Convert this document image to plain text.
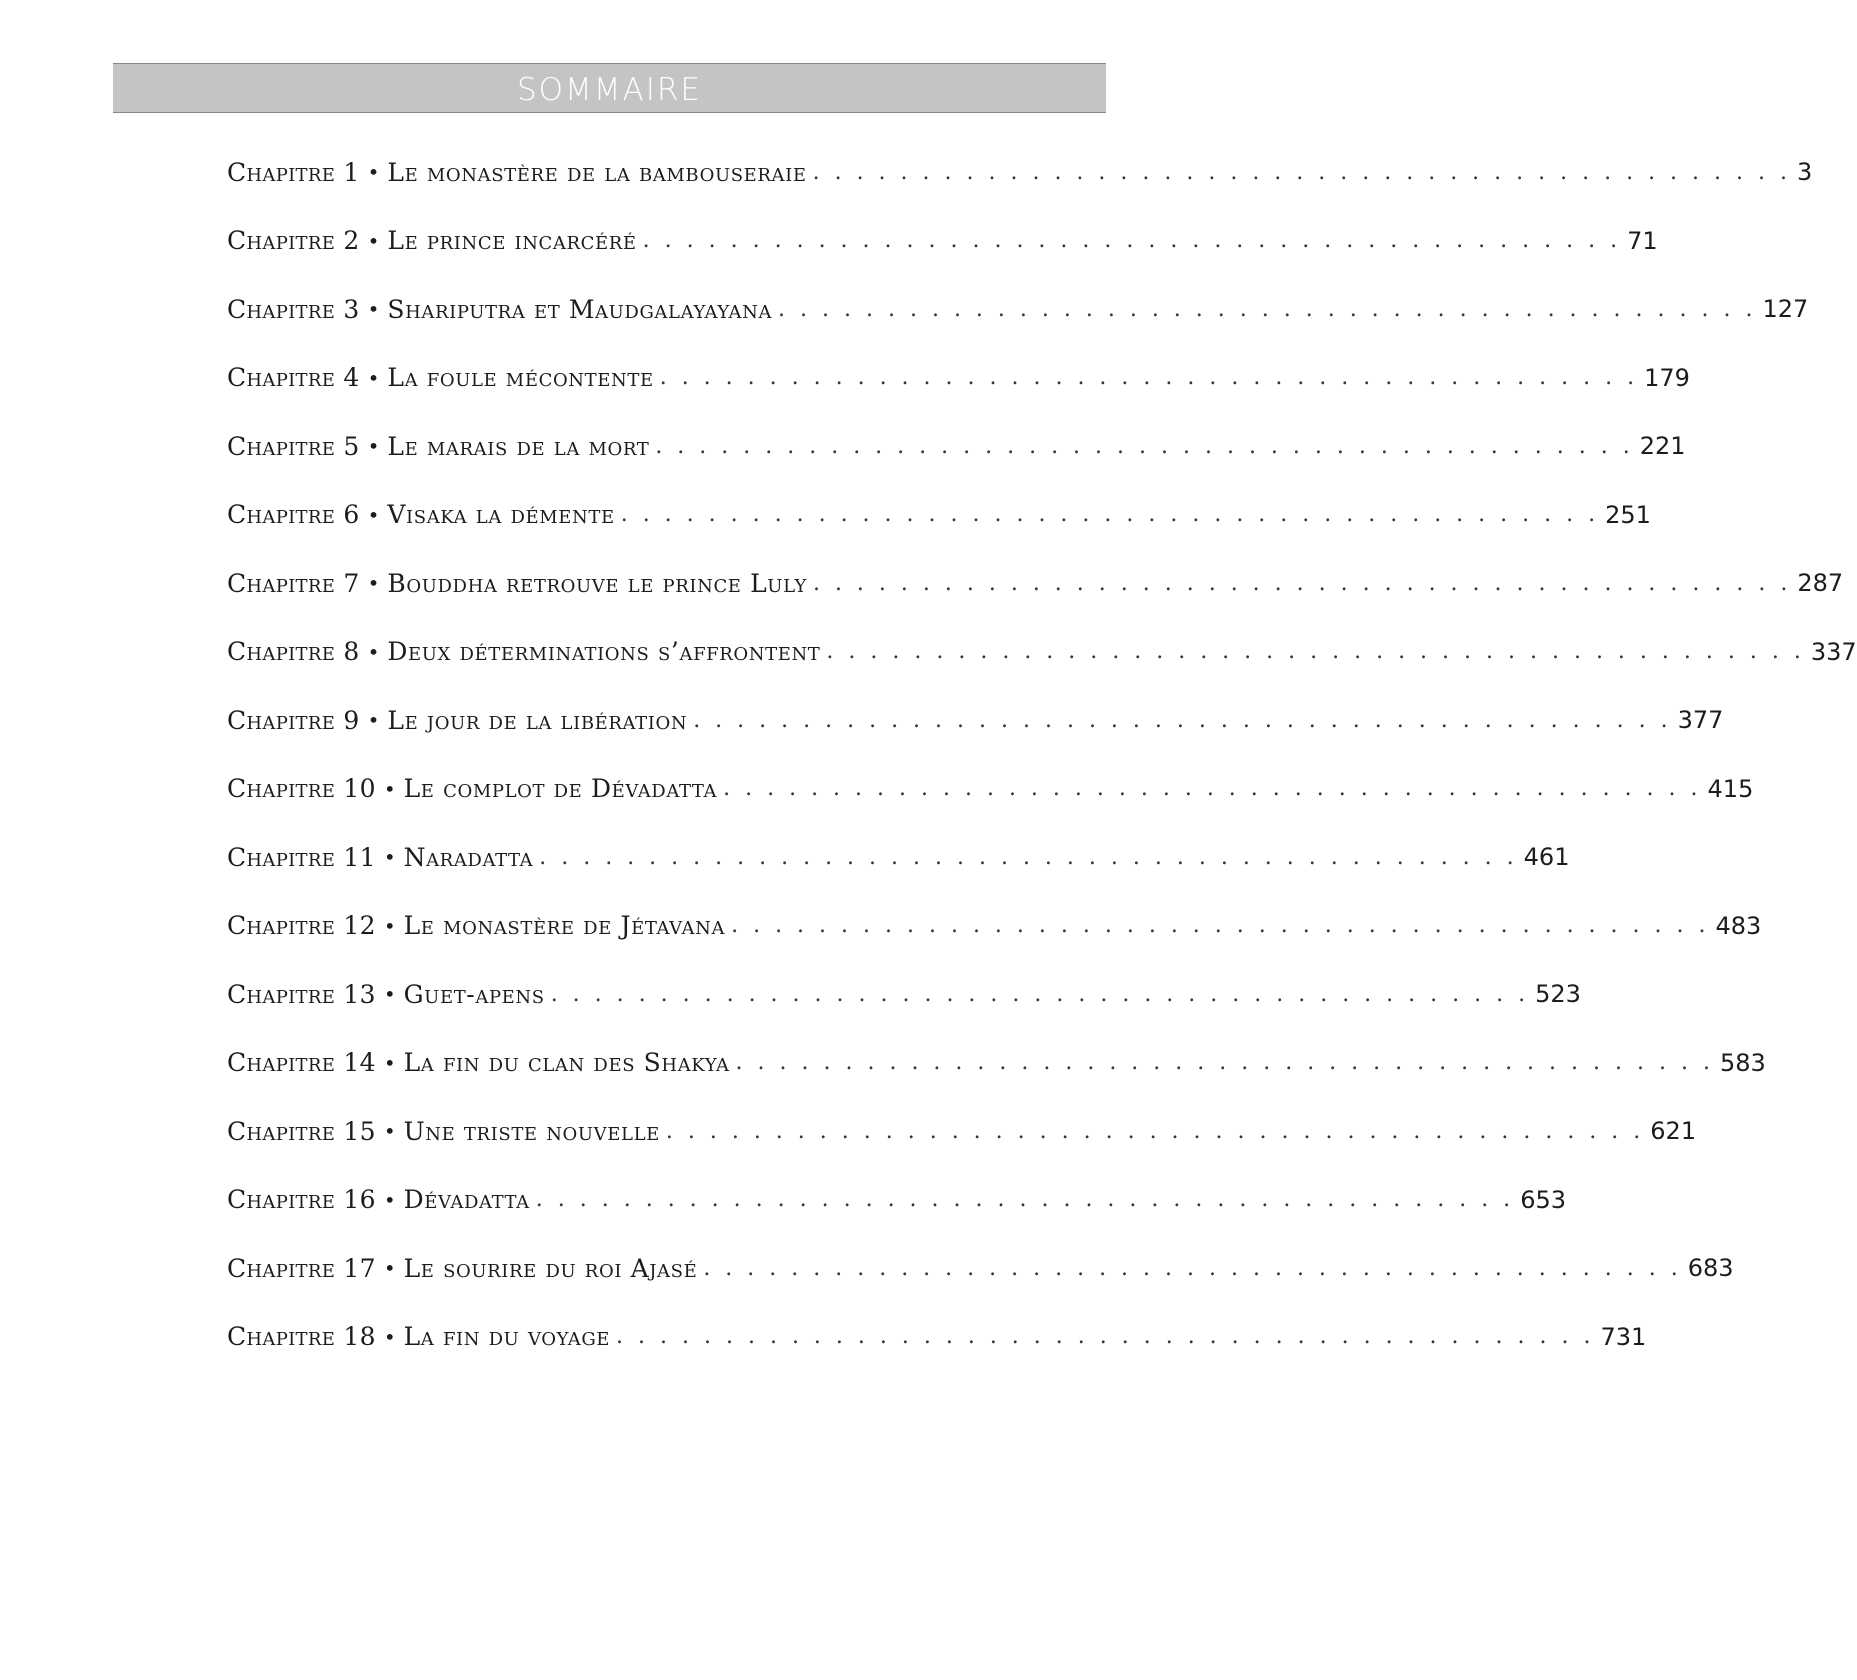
SOMMAIRE
Chapitre 1 • Le monastère de la bambouseraie . . .	3
Chapitre 2 • Le prince incarcéré . . .	71
Chapitre 3 • Shariputra et Maudgalayayana . . .	127
Chapitre 4 • La foule mécontente . . .	179
Chapitre 5 • Le marais de la mort . . .	221
Chapitre 6 • Visaka la démente . . .	251
Chapitre 7 • Bouddha retrouve le prince Luly . . .	287
Chapitre 8 • Deux déterminations s’affrontent . . .	337
Chapitre 9 • Le jour de la libération . . .	377
Chapitre 10 • Le complot de Dévadatta . . .	415
Chapitre 11 • Naradatta . . .	461
Chapitre 12 • Le monastère de Jétavana . . .	483
Chapitre 13 • Guet-apens . . .	523
Chapitre 14 • La fin du clan des Shakya . . .	583
Chapitre 15 • Une triste nouvelle . . .	621
Chapitre 16 • Dévadatta . . .	653
Chapitre 17 • Le sourire du roi Ajasé . . .	683
Chapitre 18 • La fin du voyage . . .	731
